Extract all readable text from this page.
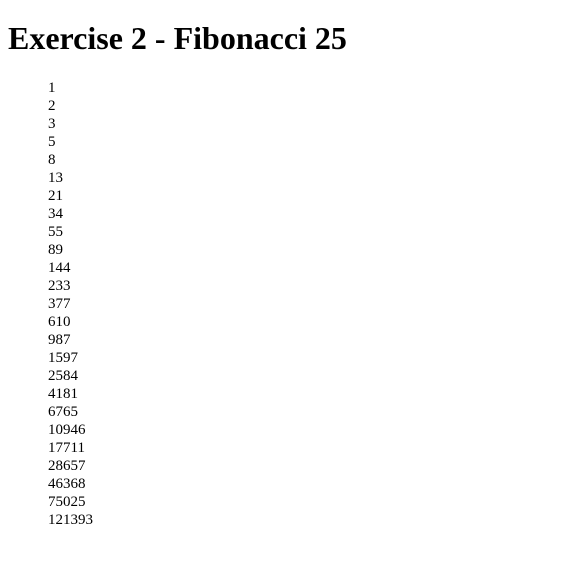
Exercise 2 - Fibonacci 25
1
2
3
5
8
13
21
34
55
89
144
233
377
610
987
1597
2584
4181
6765
10946
17711
28657
46368
75025
121393
